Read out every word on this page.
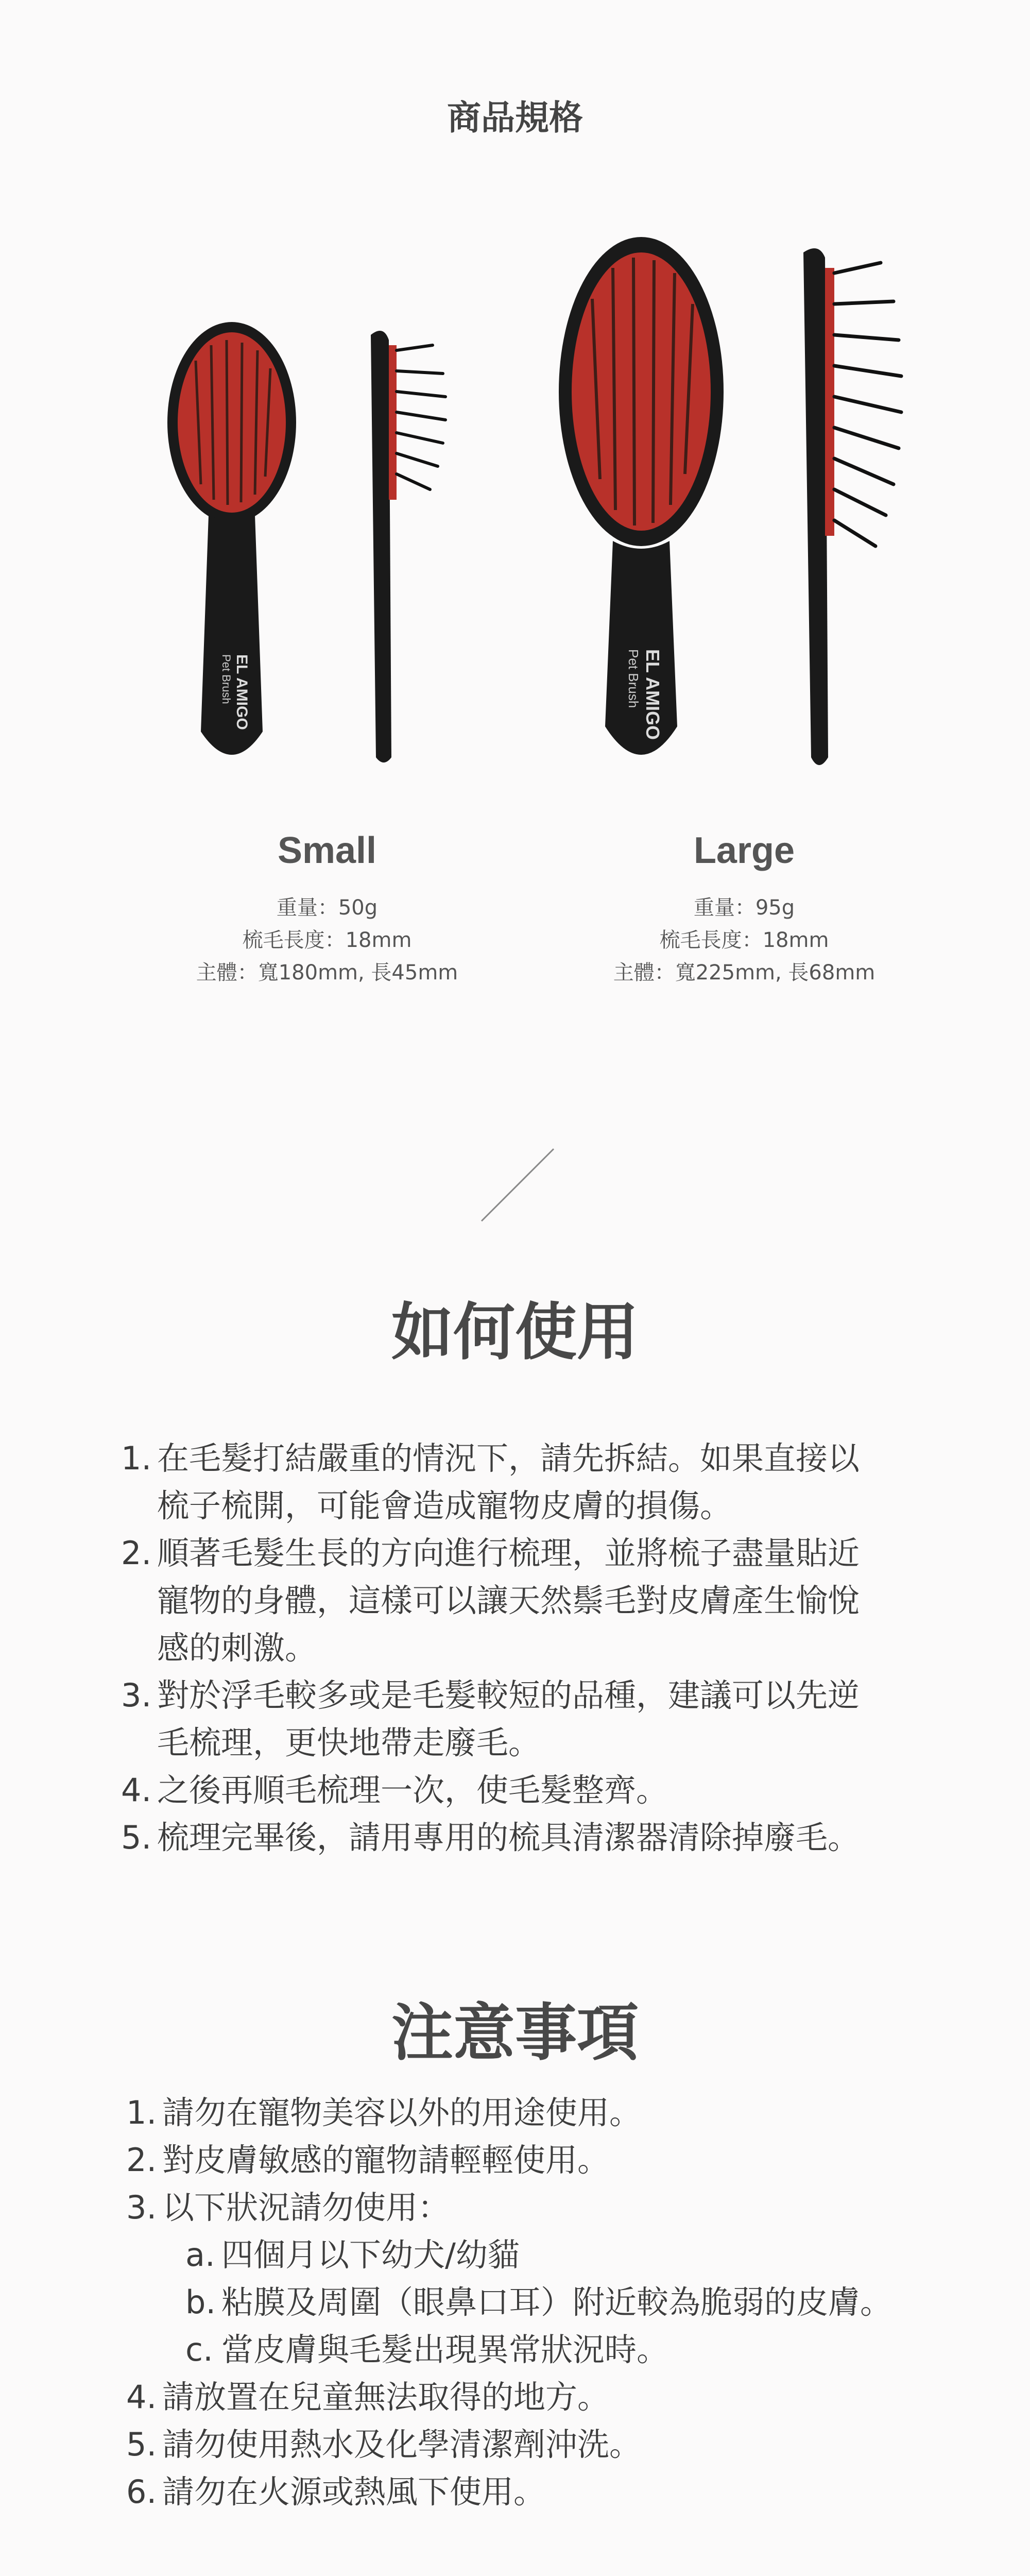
商品規格
EL AMIGO
Pet Brush	EL AMIGO
Pet Brush
Small
重量：50g
梳毛長度：18mm
主體：寬180mm, 長45mm
Large
重量：95g
梳毛長度：18mm
主體：寬225mm, 長68mm
如何使用
1. 在毛髮打結嚴重的情況下，請先拆結。如果直接以
梳子梳開，可能會造成寵物皮膚的損傷。
2. 順著毛髮生長的方向進行梳理，並將梳子盡量貼近
寵物的身體，這樣可以讓天然鬃毛對皮膚產生愉悅
感的刺激。
3. 對於浮毛較多或是毛髮較短的品種，建議可以先逆
毛梳理，更快地帶走廢毛。
4. 之後再順毛梳理一次，使毛髮整齊。
5. 梳理完畢後，請用專用的梳具清潔器清除掉廢毛。
注意事項
1. 請勿在寵物美容以外的用途使用。
2. 對皮膚敏感的寵物請輕輕使用。
3. 以下狀況請勿使用：
a. 四個月以下幼犬/幼貓
b. 粘膜及周圍（眼鼻口耳）附近較為脆弱的皮膚。
c. 當皮膚與毛髮出現異常狀況時。
4. 請放置在兒童無法取得的地方。
5. 請勿使用熱水及化學清潔劑沖洗。
6. 請勿在火源或熱風下使用。
